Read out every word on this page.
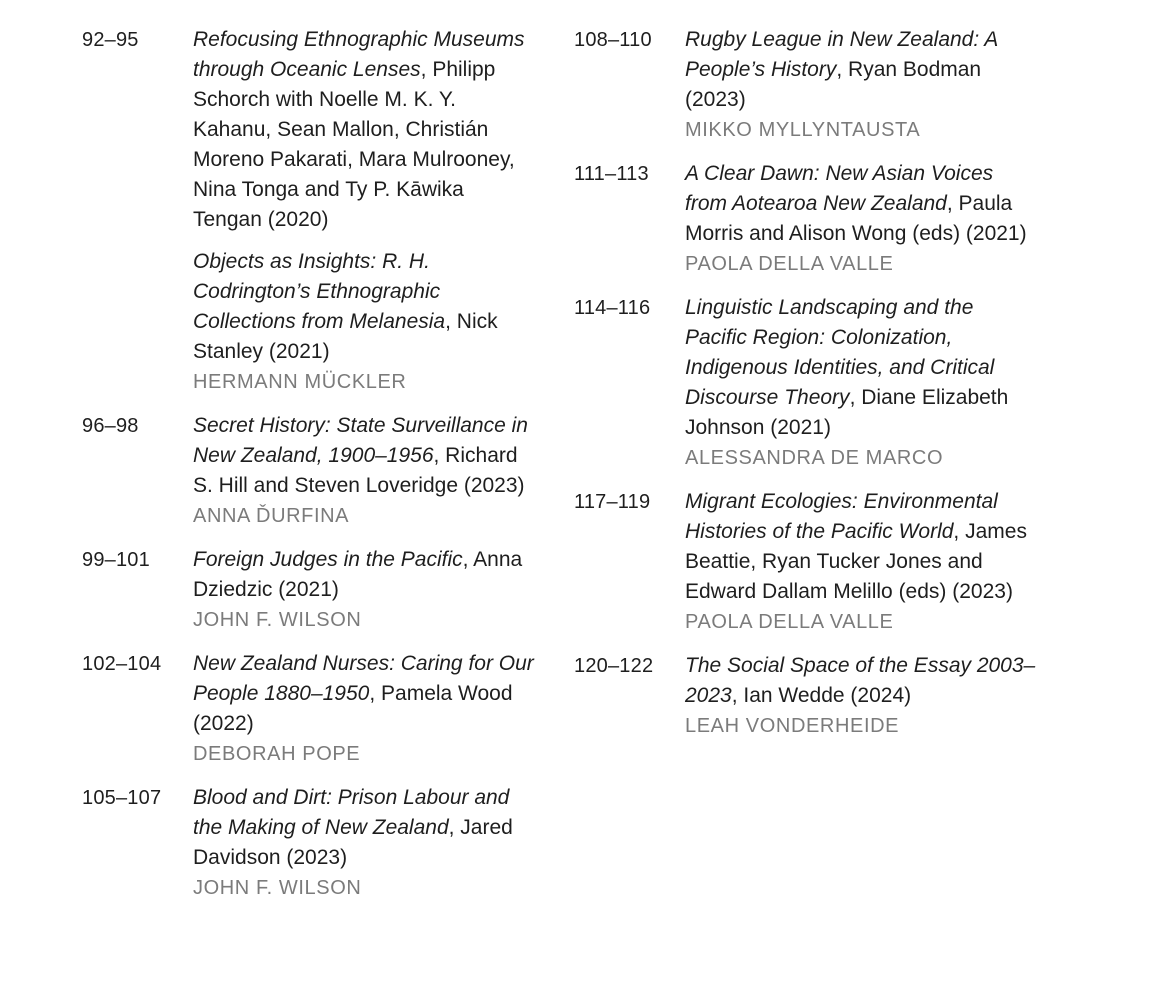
92–95	Refocusing Ethnographic Museums through Oceanic Lenses, Philipp Schorch with Noelle M. K. Y. Kahanu, Sean Mallon, Christián Moreno Pakarati, Mara Mulrooney, Nina Tonga and Ty P. Kāwika Tengan (2020)
Objects as Insights: R. H. Codrington’s Ethnographic Collections from Melanesia, Nick Stanley (2021)
HERMANN MÜCKLER
96–98	Secret History: State Surveillance in New Zealand, 1900–1956, Richard S. Hill and Steven Loveridge (2023)
ANNA ĎURFINA
99–101	Foreign Judges in the Pacific, Anna Dziedzic (2021)
JOHN F. WILSON
102–104	New Zealand Nurses: Caring for Our People 1880–1950, Pamela Wood (2022)
DEBORAH POPE
105–107	Blood and Dirt: Prison Labour and the Making of New Zealand, Jared Davidson (2023)
JOHN F. WILSON
108–110	Rugby League in New Zealand: A People’s History, Ryan Bodman (2023)
MIKKO MYLLYNTAUSTA
111–113	A Clear Dawn: New Asian Voices from Aotearoa New Zealand, Paula Morris and Alison Wong (eds) (2021)
PAOLA DELLA VALLE
114–116	Linguistic Landscaping and the Pacific Region: Colonization, Indigenous Identities, and Critical Discourse Theory, Diane Elizabeth Johnson (2021)
ALESSANDRA DE MARCO
117–119	Migrant Ecologies: Environmental Histories of the Pacific World, James Beattie, Ryan Tucker Jones and Edward Dallam Melillo (eds) (2023)
PAOLA DELLA VALLE
120–122	The Social Space of the Essay 2003–2023, Ian Wedde (2024)
LEAH VONDERHEIDE
